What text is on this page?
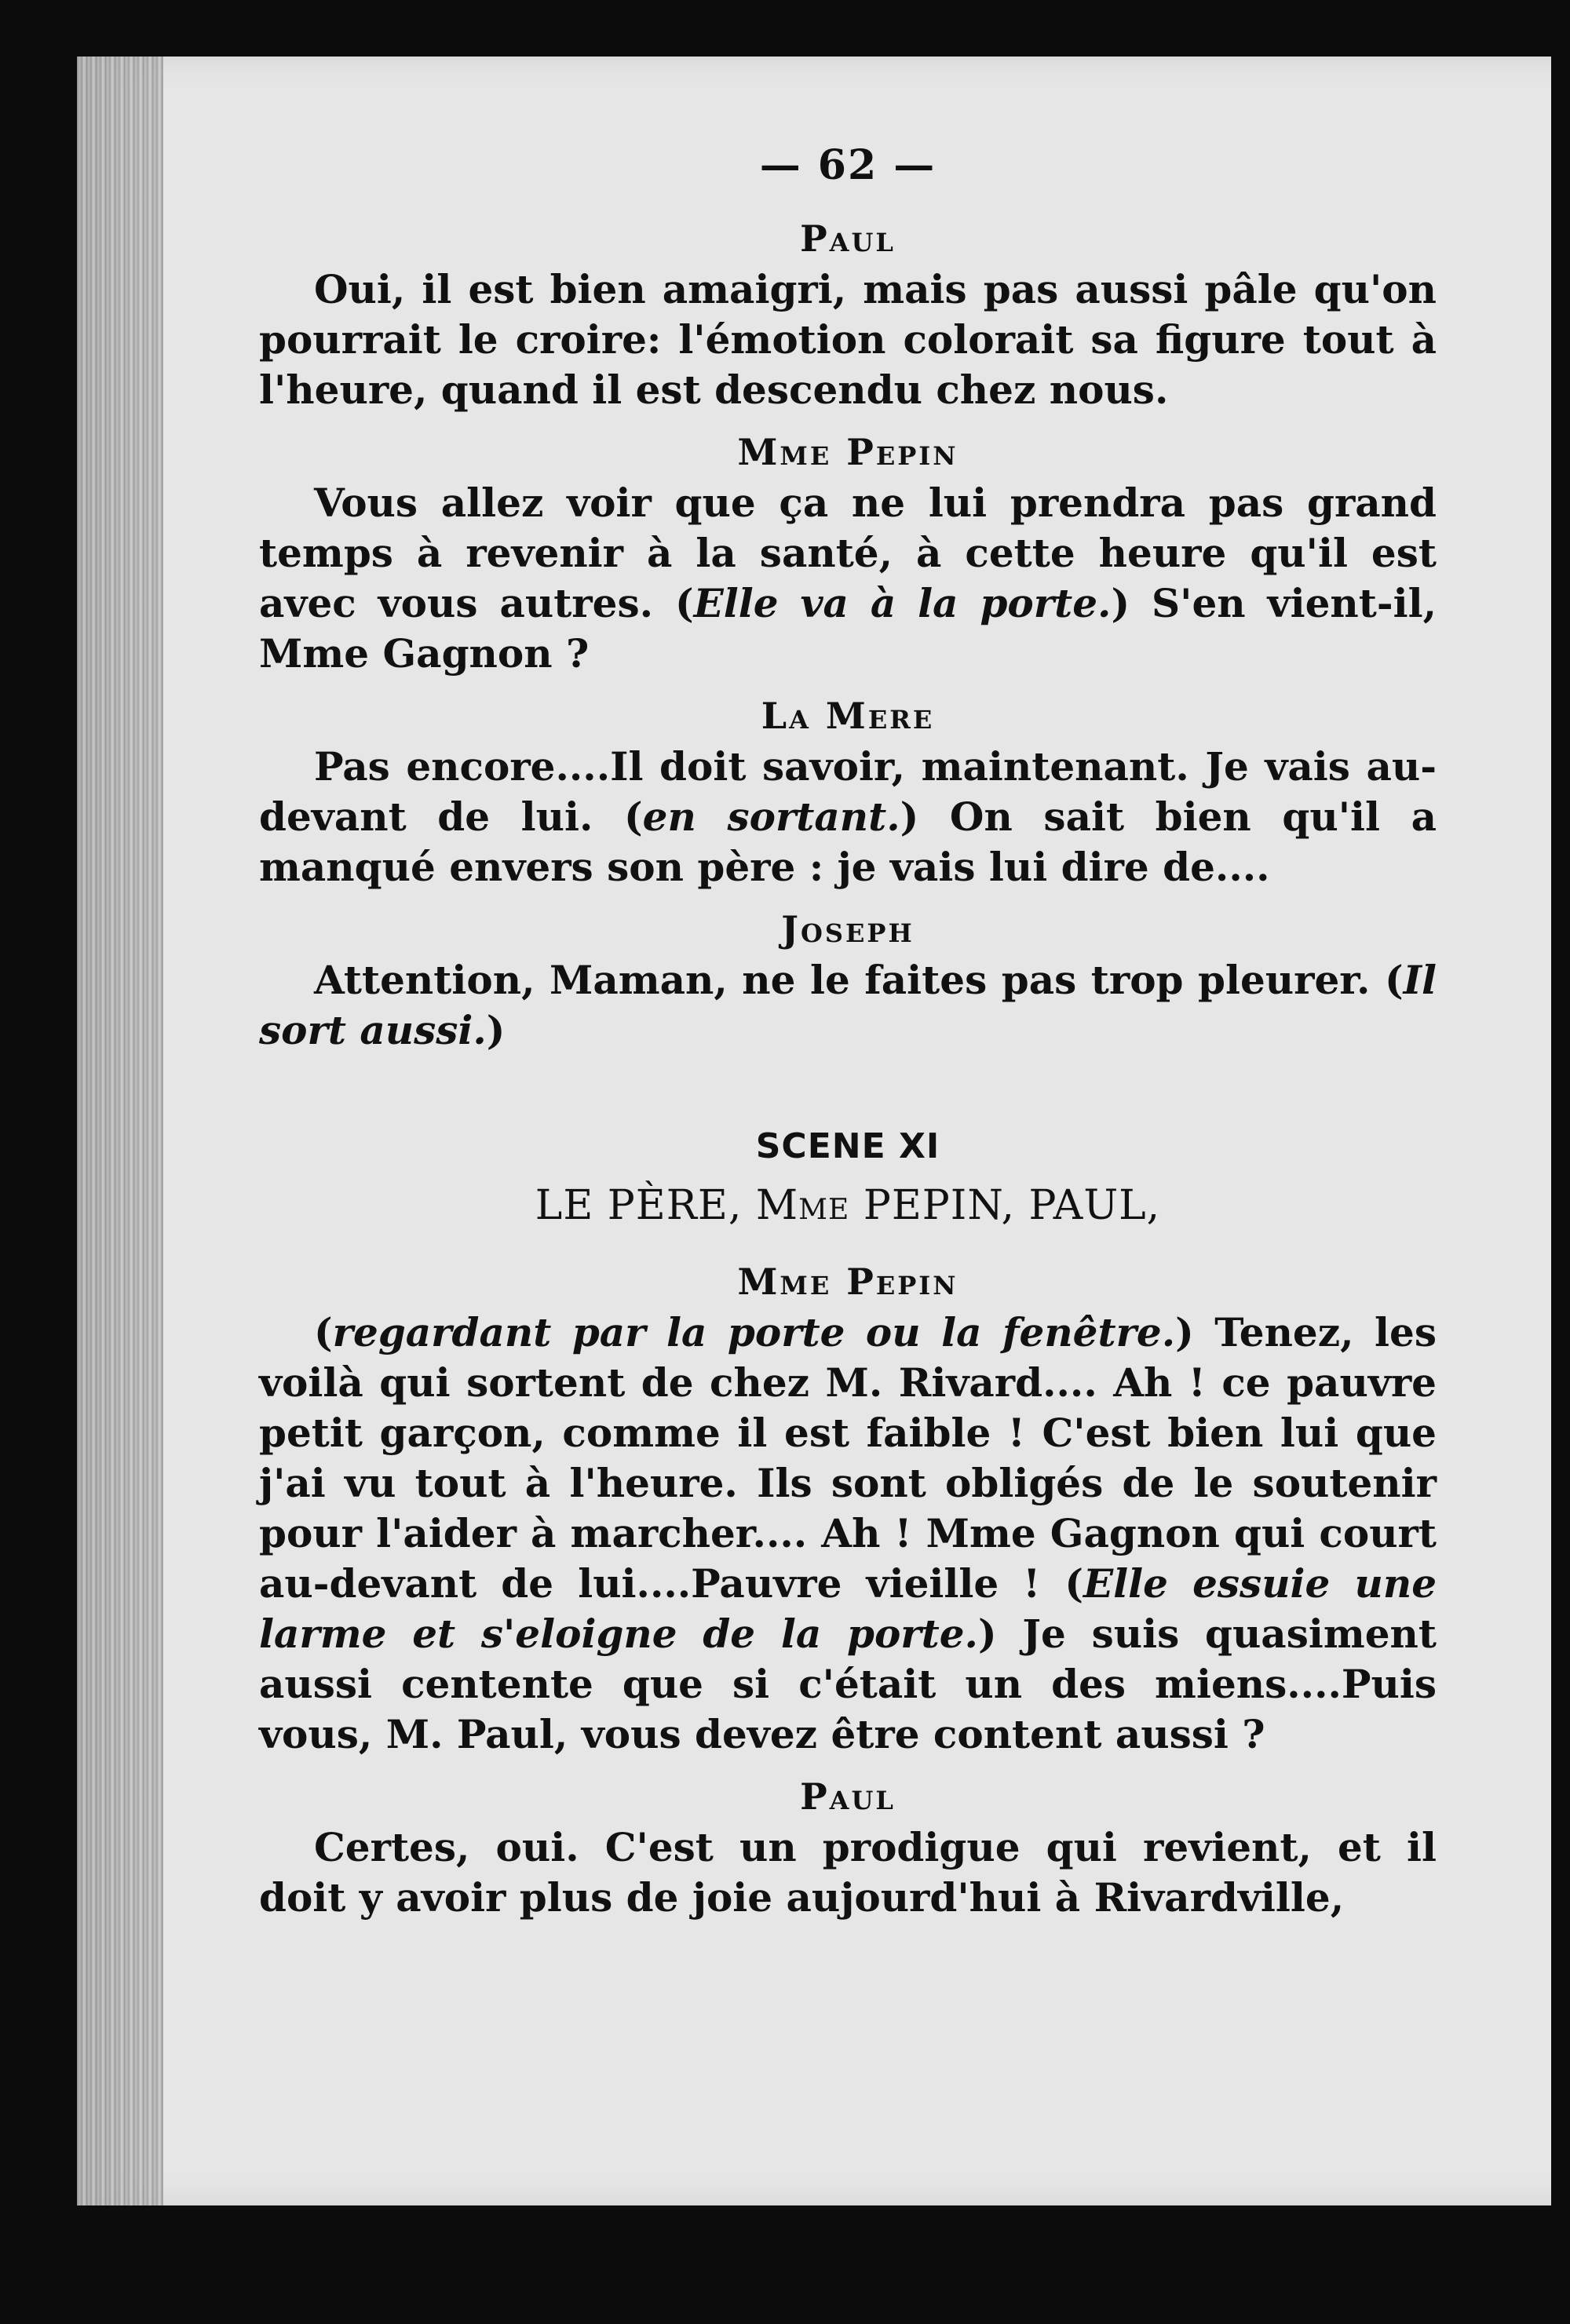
— 62 —
Paul

Oui, il est bien amaigri, mais pas aussi pâle qu'on pourrait le croire: l'émotion colorait sa figure tout à l'heure, quand il est descendu chez nous.

Mme Pepin

Vous allez voir que ça ne lui prendra pas grand temps à revenir à la santé, à cette heure qu'il est avec vous autres. (Elle va à la porte.) S'en vient-il, Mme Gagnon ?

La Mere

Pas encore....Il doit savoir, maintenant. Je vais au-devant de lui. (en sortant.) On sait bien qu'il a manqué envers son père : je vais lui dire de....

Joseph

Attention, Maman, ne le faites pas trop pleurer. (Il sort aussi.)

SCENE XI
LE PÈRE, Mme PEPIN, PAUL,
Mme Pepin

(regardant par la porte ou la fenêtre.) Tenez, les voilà qui sortent de chez M. Rivard.... Ah ! ce pauvre petit garçon, comme il est faible ! C'est bien lui que j'ai vu tout à l'heure. Ils sont obligés de le soutenir pour l'aider à marcher.... Ah ! Mme Gagnon qui court au-devant de lui....Pauvre vieille ! (Elle essuie une larme et s'eloigne de la porte.) Je suis quasiment aussi centente que si c'était un des miens....Puis vous, M. Paul, vous devez être content aussi ?

Paul

Certes, oui. C'est un prodigue qui revient, et il doit y avoir plus de joie aujourd'hui à Rivardville,
